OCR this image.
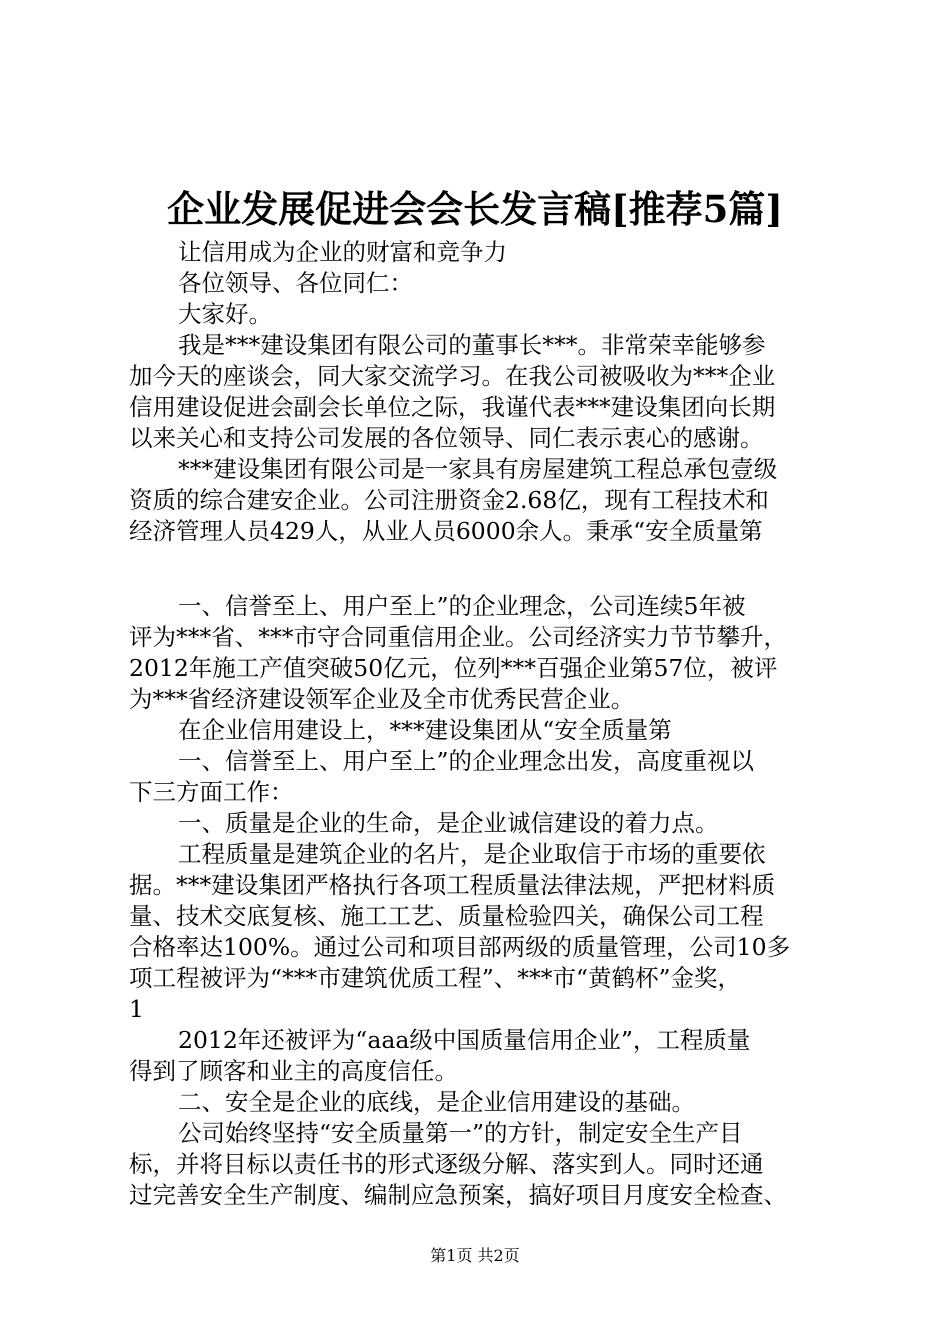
企业发展促进会会长发言稿[推荐5篇]
让信用成为企业的财富和竞争力
各位领导、各位同仁：
大家好。
我是***建设集团有限公司的董事长***。非常荣幸能够参
加今天的座谈会，同大家交流学习。在我公司被吸收为***企业
信用建设促进会副会长单位之际，我谨代表***建设集团向长期
以来关心和支持公司发展的各位领导、同仁表示衷心的感谢。
***建设集团有限公司是一家具有房屋建筑工程总承包壹级
资质的综合建安企业。公司注册资金2.68亿，现有工程技术和
经济管理人员429人，从业人员6000余人。秉承“安全质量第
一、信誉至上、用户至上”的企业理念，公司连续5年被
评为***省、***市守合同重信用企业。公司经济实力节节攀升，
2012年施工产值突破50亿元，位列***百强企业第57位，被评
为***省经济建设领军企业及全市优秀民营企业。
在企业信用建设上，***建设集团从“安全质量第
一、信誉至上、用户至上”的企业理念出发，高度重视以
下三方面工作：
一、质量是企业的生命，是企业诚信建设的着力点。
工程质量是建筑企业的名片，是企业取信于市场的重要依
据。***建设集团严格执行各项工程质量法律法规，严把材料质
量、技术交底复核、施工工艺、质量检验四关，确保公司工程
合格率达100%。通过公司和项目部两级的质量管理，公司10多
项工程被评为“***市建筑优质工程”、***市“黄鹤杯”金奖，
1
2012年还被评为“aaa级中国质量信用企业”，工程质量
得到了顾客和业主的高度信任。
二、安全是企业的底线，是企业信用建设的基础。
公司始终坚持“安全质量第一”的方针，制定安全生产目
标，并将目标以责任书的形式逐级分解、落实到人。同时还通
过完善安全生产制度、编制应急预案，搞好项目月度安全检查、
第1页 共2页
